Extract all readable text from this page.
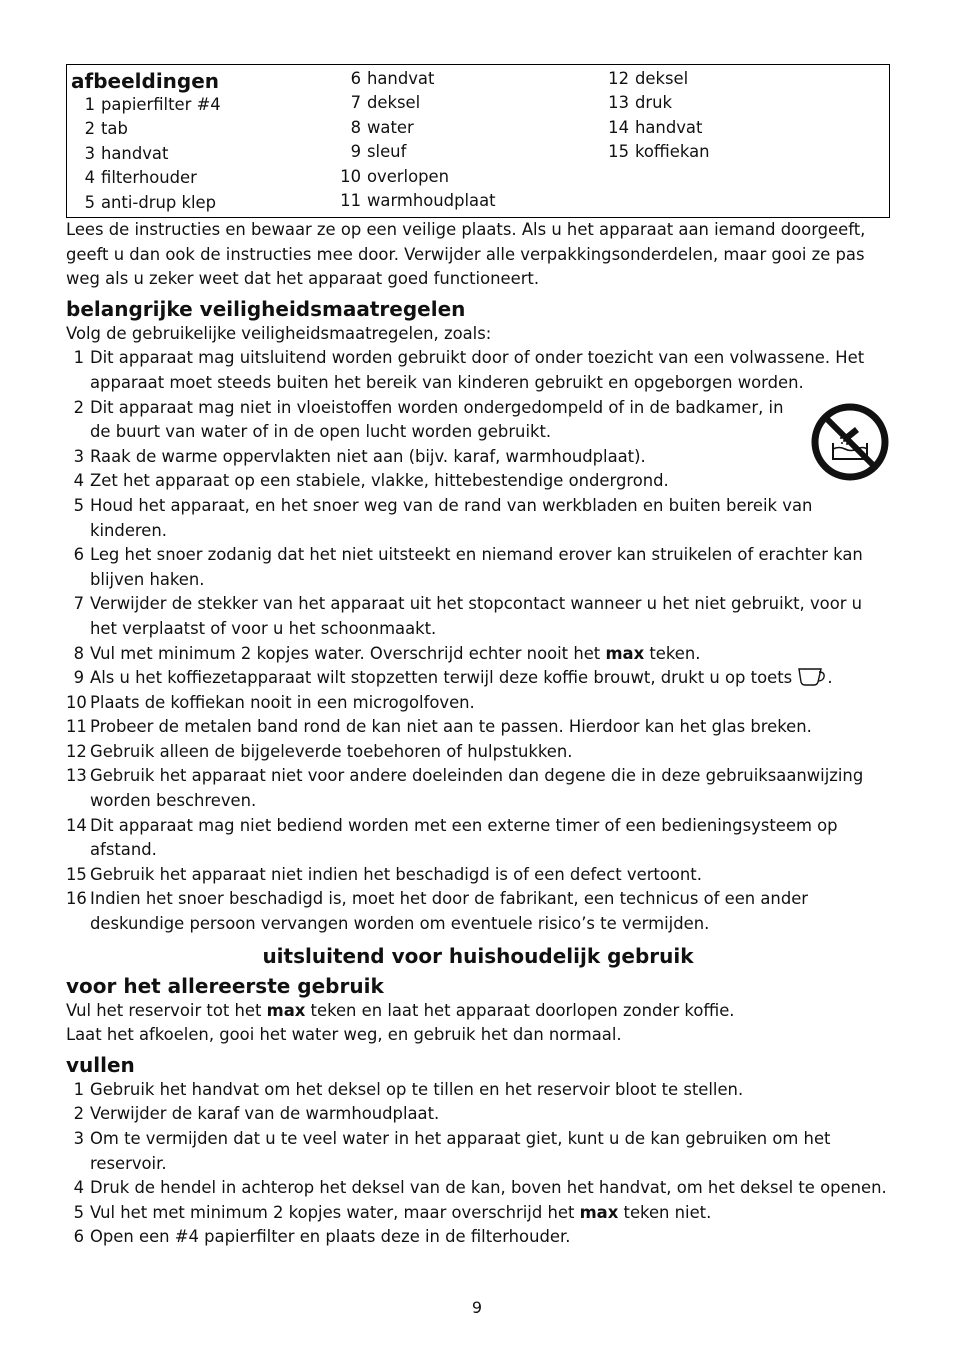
afbeeldingen
1 papierfilter #4
2 tab
3 handvat
4 filterhouder
5 anti-drup klep
6 handvat
7 deksel
8 water
9 sleuf
10 overlopen
11 warmhoudplaat
12 deksel
13 druk
14 handvat
15 koffiekan

Lees de instructies en bewaar ze op een veilige plaats. Als u het apparaat aan iemand doorgeeft, geeft u dan ook de instructies mee door. Verwijder alle verpakkingsonderdelen, maar gooi ze pas weg als u zeker weet dat het apparaat goed functioneert.

belangrijke veiligheidsmaatregelen

Volg de gebruikelijke veiligheidsmaatregelen, zoals:

1 Dit apparaat mag uitsluitend worden gebruikt door of onder toezicht van een volwassene. Het apparaat moet steeds buiten het bereik van kinderen gebruikt en opgeborgen worden.
2 Dit apparaat mag niet in vloeistoffen worden ondergedompeld of in de badkamer, in de buurt van water of in de open lucht worden gebruikt.
3 Raak de warme oppervlakten niet aan (bijv. karaf, warmhoudplaat).
4 Zet het apparaat op een stabiele, vlakke, hittebestendige ondergrond.
5 Houd het apparaat, en het snoer weg van de rand van werkbladen en buiten bereik van kinderen.
6 Leg het snoer zodanig dat het niet uitsteekt en niemand erover kan struikelen of erachter kan blijven haken.
7 Verwijder de stekker van het apparaat uit het stopcontact wanneer u het niet gebruikt, voor u het verplaatst of voor u het schoonmaakt.
8 Vul met minimum 2 kopjes water. Overschrijd echter nooit het max teken.
9 Als u het koffiezetapparaat wilt stopzetten terwijl deze koffie brouwt, drukt u op toets .
10 Plaats de koffiekan nooit in een microgolfoven.
11 Probeer de metalen band rond de kan niet aan te passen. Hierdoor kan het glas breken.
12 Gebruik alleen de bijgeleverde toebehoren of hulpstukken.
13 Gebruik het apparaat niet voor andere doeleinden dan degene die in deze gebruiksaanwijzing worden beschreven.
14 Dit apparaat mag niet bediend worden met een externe timer of een bedieningsysteem op afstand.
15 Gebruik het apparaat niet indien het beschadigd is of een defect vertoont.
16 Indien het snoer beschadigd is, moet het door de fabrikant, een technicus of een ander deskundige persoon vervangen worden om eventuele risico’s te vermijden.
uitsluitend voor huishoudelijk gebruik
voor het allereerste gebruik

Vul het reservoir tot het max teken en laat het apparaat doorlopen zonder koffie.

Laat het afkoelen, gooi het water weg, en gebruik het dan normaal.

vullen
1 Gebruik het handvat om het deksel op te tillen en het reservoir bloot te stellen.
2 Verwijder de karaf van de warmhoudplaat.
3 Om te vermijden dat u te veel water in het apparaat giet, kunt u de kan gebruiken om het reservoir.
4 Druk de hendel in achterop het deksel van de kan, boven het handvat, om het deksel te openen.
5 Vul het met minimum 2 kopjes water, maar overschrijd het max teken niet.
6 Open een #4 papierfilter en plaats deze in de filterhouder.
9
